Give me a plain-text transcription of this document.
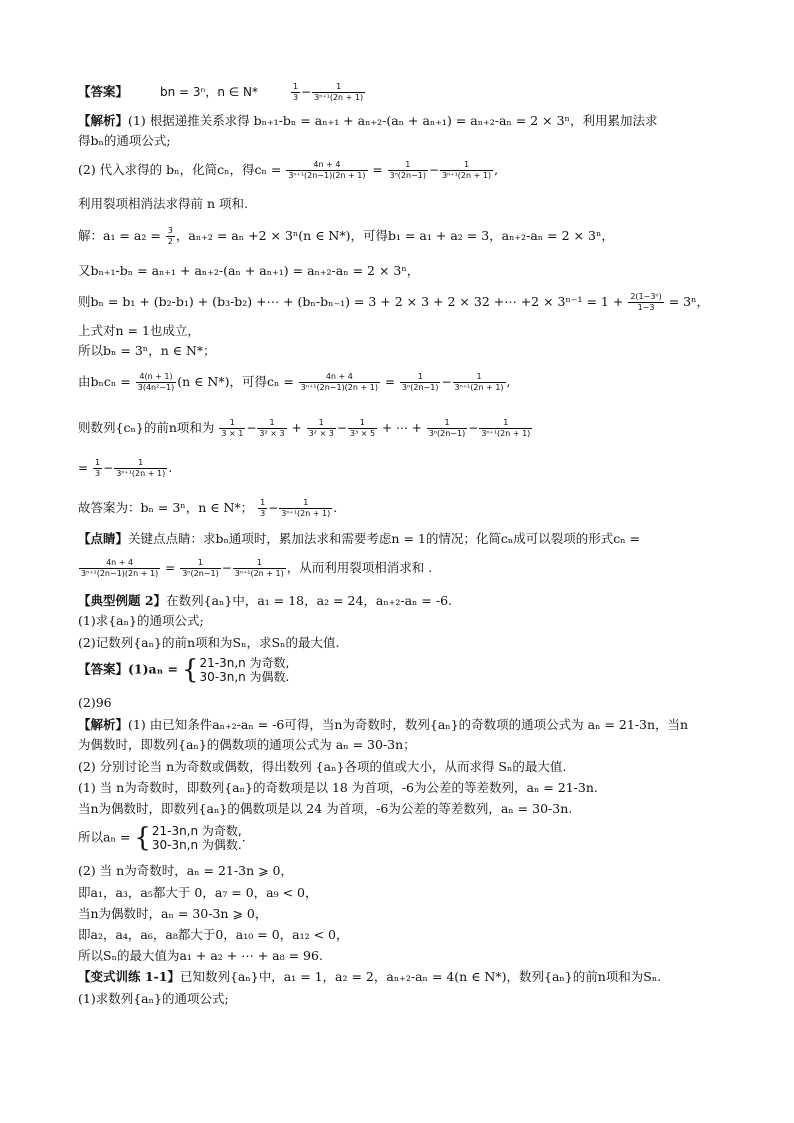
【答案】	bn = 3ⁿ，n ∈ N*	$\frac{1}{3} - \frac{1}{\text{3ⁿ⁺¹(2n + 1)}}$
【解析】(1) 根据递推关系求得 bₙ₊₁-bₙ = aₙ₊₁ + aₙ₊₂-(aₙ + aₙ₊₁) = aₙ₊₂-aₙ = 2 × 3ⁿ，利用累加法求
得bₙ的通项公式;
(2) 代入求得的 bₙ，化简cₙ，得$c_n = \frac{4n + 4}{\text{3ⁿ⁺¹(2n−1)(2n + 1)}} = \frac{1}{\text{3ⁿ(2n−1)}} - \frac{1}{\text{3ⁿ⁺¹(2n + 1)}}$ ,
利用裂项相消法求得前 n 项和.
解：$a_1 = a_2 = \frac{3}{2}$ ，aₙ₊₂ = aₙ +2 × 3ⁿ(n ∈ N*)，可得b₁ = a₁ + a₂ = 3，aₙ₊₂-aₙ = 2 × 3ⁿ，
又bₙ₊₁-bₙ = aₙ₊₁ + aₙ₊₂-(aₙ + aₙ₊₁) = aₙ₊₂-aₙ = 2 × 3ⁿ，
则bₙ = b₁ + (b₂-b₁) + (b₃-b₂) +⋯ + (bₙ-bₙ₋₁) = 3 + 2 × 3 + 2 × 32 +⋯ $+2 \times 3^{n-1} = 1 + \frac{\text{2(1−3ⁿ)}}{1-3} = 3^n$，
上式对n = 1也成立，
所以bₙ = 3ⁿ，n ∈ N*；
由$b_nc_n = \frac{4(n + 1)}{\text{3(4n²−1)}} (n$ ∈ N*)，可得$c_n = \frac{4n + 4}{\text{3ⁿ⁺¹(2n−1)(2n + 1)}} = \frac{1}{\text{3ⁿ(2n−1)}} - \frac{1}{\text{3ⁿ⁺¹(2n + 1)}}$ ,
则数列{cₙ}的前n项和为 $\frac{1}{3 \times 1} - \frac{1}{\text{3² × 3}} + \frac{1}{\text{3² × 3}} - \frac{1}{\text{3³ × 5}}$ + ⋯ + $\frac{1}{\text{3ⁿ(2n−1)}} - \frac{1}{\text{3ⁿ⁺¹(2n + 1)}}$
= $\frac{1}{3} - \frac{1}{\text{3ⁿ⁺¹(2n + 1)}}$ .
故答案为：bₙ = 3ⁿ，n ∈ N*； $\frac{1}{3} - \frac{1}{\text{3ⁿ⁺¹(2n + 1)}}$ .
【点睛】关键点点睛：求bₙ通项时，累加法求和需要考虑n = 1的情况；化简cₙ成可以裂项的形式cₙ =
$\frac{4n + 4}{\text{3ⁿ⁺¹(2n−1)(2n + 1)}} = \frac{1}{\text{3ⁿ(2n−1)}} - \frac{1}{\text{3ⁿ⁺¹(2n + 1)}}$ ，从而利用裂项相消求和 .
【典型例题 2】在数列{aₙ}中，a₁ = 18，a₂ = 24，aₙ₊₂-aₙ = -6.
(1)求{aₙ}的通项公式;
(2)记数列{aₙ}的前n项和为Sₙ，求Sₙ的最大值.
【答案】(1)aₙ = { 21-3n,n 为奇数,
30-3n,n 为偶数.
(2)96
【解析】(1) 由已知条件aₙ₊₂-aₙ = -6可得，当n为奇数时，数列{aₙ}的奇数项的通项公式为 aₙ = 21-3n，当n
为偶数时，即数列{aₙ}的偶数项的通项公式为 aₙ = 30-3n；
(2) 分别讨论当 n为奇数或偶数，得出数列 {aₙ}各项的值或大小，从而求得 Sₙ的最大值.
(1) 当 n为奇数时，即数列{aₙ}的奇数项是以 18 为首项，-6为公差的等差数列，aₙ = 21-3n.
当n为偶数时，即数列{aₙ}的偶数项是以 24 为首项，-6为公差的等差数列，aₙ = 30-3n.
所以aₙ = { 21-3n,n 为奇数,
30-3n,n 为偶数.
.
(2) 当 n为奇数时，aₙ = 21-3n ⩾ 0，
即a₁，a₃，a₅都大于 0，a₇ = 0，a₉ < 0，
当n为偶数时，aₙ = 30-3n ⩾ 0，
即a₂，a₄，a₆，a₈都大于0，a₁₀ = 0，a₁₂ < 0，
所以Sₙ的最大值为a₁ + a₂ + ⋯ + a₈ = 96.
【变式训练 1-1】已知数列{aₙ}中，a₁ = 1，a₂ = 2，aₙ₊₂-aₙ = 4(n ∈ N*)，数列{aₙ}的前n项和为Sₙ.
(1)求数列{aₙ}的通项公式;
